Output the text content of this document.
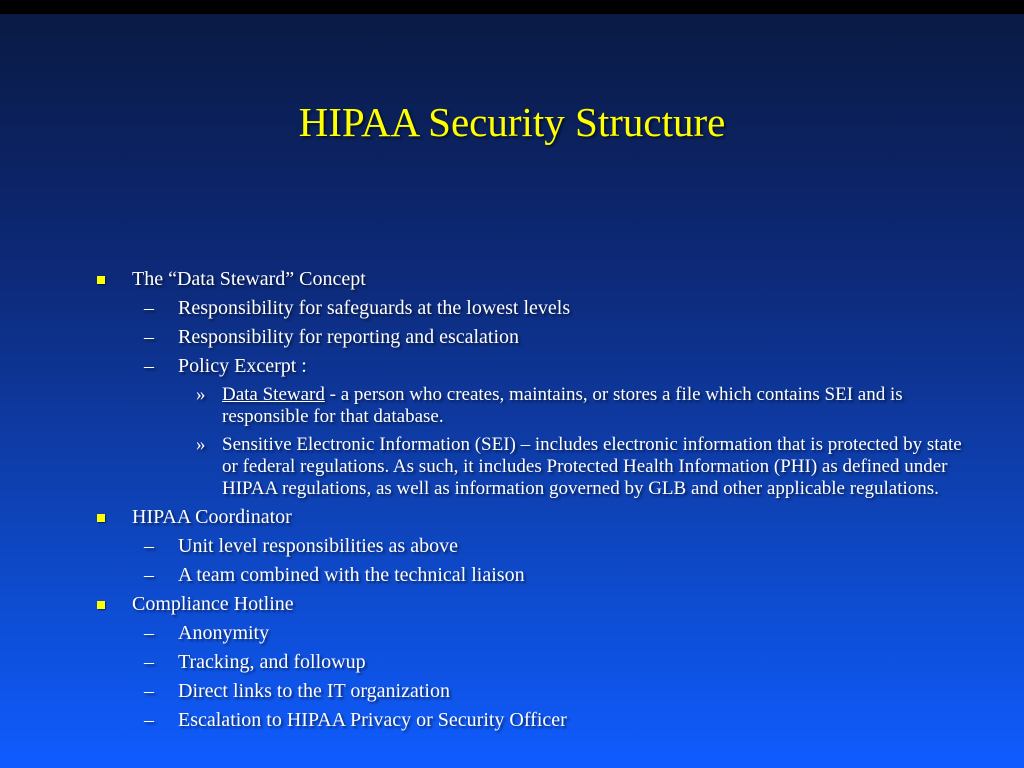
HIPAA Security Structure
The “Data Steward” Concept
– Responsibility for safeguards at the lowest levels
– Responsibility for reporting and escalation
– Policy Excerpt :
» Data Steward - a person who creates, maintains, or stores a file which contains SEI and is responsible for that database.
» Sensitive Electronic Information (SEI) – includes electronic information that is protected by state or federal regulations. As such, it includes Protected Health Information (PHI) as defined under HIPAA regulations, as well as information governed by GLB and other applicable regulations.
HIPAA Coordinator
– Unit level responsibilities as above
– A team combined with the technical liaison
Compliance Hotline
– Anonymity
– Tracking, and followup
– Direct links to the IT organization
– Escalation to HIPAA Privacy or Security Officer
